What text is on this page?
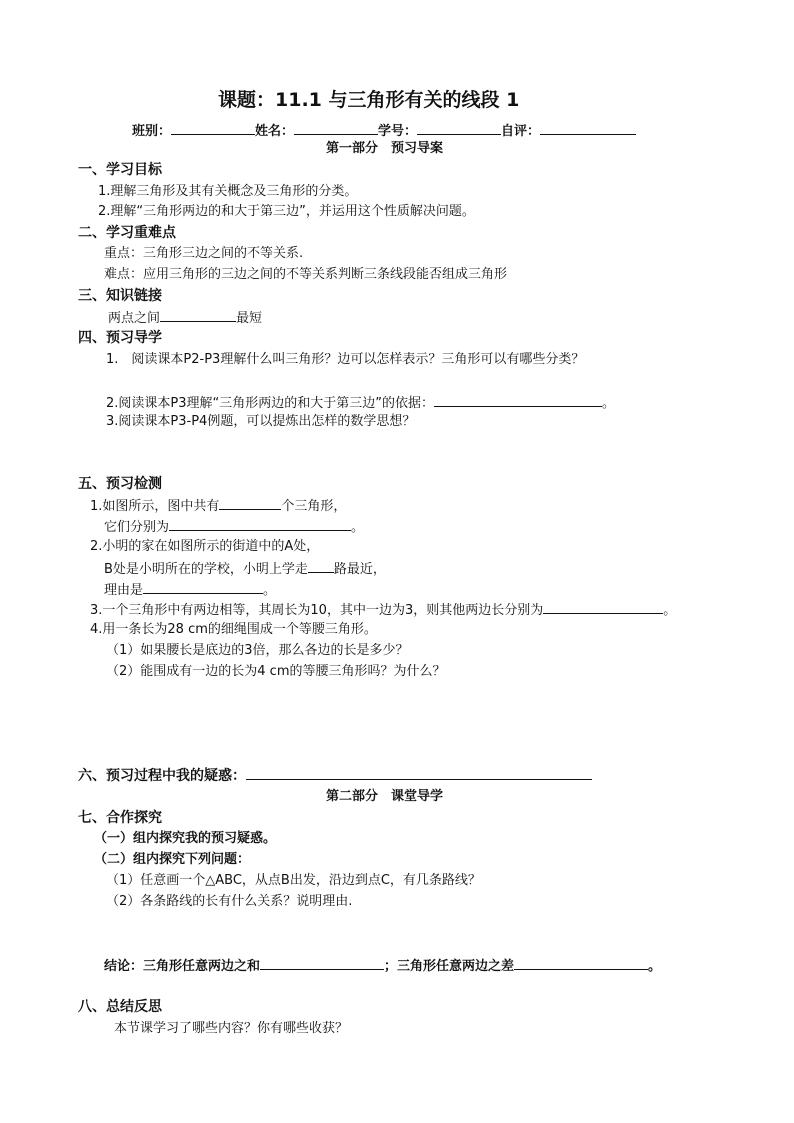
课题：11.1 与三角形有关的线段 1
班别：	姓名：	学号：	自评：
第一部分　预习导案
一、学习目标
1.理解三角形及其有关概念及三角形的分类。
2.理解“三角形两边的和大于第三边”，并运用这个性质解决问题。
二、学习重难点
重点：三角形三边之间的不等关系.
难点：应用三角形的三边之间的不等关系判断三条线段能否组成三角形
三、知识链接
两点之间	最短
四、预习导学
1.　阅读课本P2-P3理解什么叫三角形？边可以怎样表示？三角形可以有哪些分类？
2.阅读课本P3理解“三角形两边的和大于第三边”的依据：	。
3.阅读课本P3-P4例题，可以提炼出怎样的数学思想？
五、预习检测
1.如图所示，图中共有	个三角形，
它们分别为	。
2.小明的家在如图所示的街道中的A处，
B处是小明所在的学校，小明上学走 路最近，
理由是	。
3.一个三角形中有两边相等，其周长为10，其中一边为3，则其他两边长分别为	。
4.用一条长为28 cm的细绳围成一个等腰三角形。
（1）如果腰长是底边的3倍，那么各边的长是多少？
（2）能围成有一边的长为4 cm的等腰三角形吗？为什么？
六、预习过程中我的疑惑：
第二部分　课堂导学
七、合作探究
（一）组内探究我的预习疑惑。
（二）组内探究下列问题：
（1）任意画一个△ABC，从点B出发，沿边到点C，有几条路线？
（2）各条路线的长有什么关系？说明理由.
结论：三角形任意两边之和	；三角形任意两边之差	。
八、总结反思
本节课学习了哪些内容？你有哪些收获？
